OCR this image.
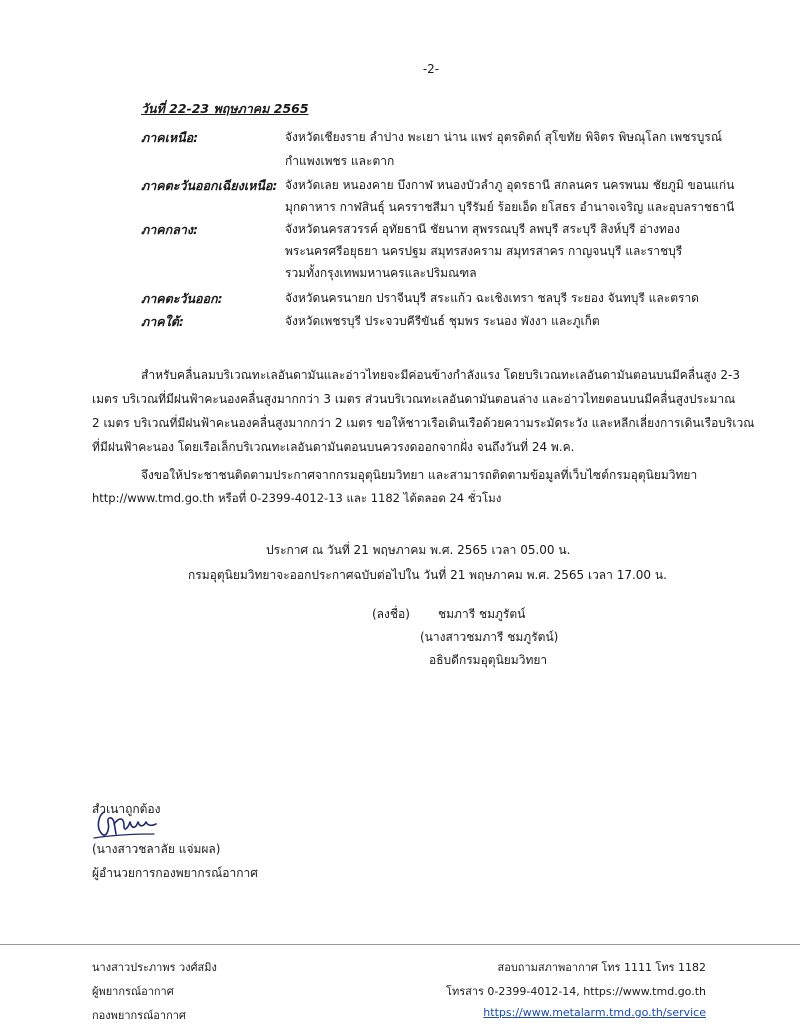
-2-
วันที่ 22-23 พฤษภาคม 2565
ภาคเหนือ:	จังหวัดเชียงราย ลำปาง พะเยา น่าน แพร่ อุตรดิตถ์ สุโขทัย พิจิตร พิษณุโลก เพชรบูรณ์
กำแพงเพชร และตาก
ภาคตะวันออกเฉียงเหนือ: จังหวัดเลย หนองคาย บึงกาฬ หนองบัวลำภู อุดรธานี สกลนคร นครพนม ชัยภูมิ ขอนแก่น
มุกดาหาร กาฬสินธุ์ นครราชสีมา บุรีรัมย์ ร้อยเอ็ด ยโสธร อำนาจเจริญ และอุบลราชธานี
ภาคกลาง:	จังหวัดนครสวรรค์ อุทัยธานี ชัยนาท สุพรรณบุรี ลพบุรี สระบุรี สิงห์บุรี อ่างทอง
พระนครศรีอยุธยา นครปฐม สมุทรสงคราม สมุทรสาคร กาญจนบุรี และราชบุรี
รวมทั้งกรุงเทพมหานครและปริมณฑล
ภาคตะวันออก:	จังหวัดนครนายก ปราจีนบุรี สระแก้ว ฉะเชิงเทรา ชลบุรี ระยอง จันทบุรี และตราด
ภาคใต้:	จังหวัดเพชรบุรี ประจวบคีรีขันธ์ ชุมพร ระนอง พังงา และภูเก็ต
สำหรับคลื่นลมบริเวณทะเลอันดามันและอ่าวไทยจะมีค่อนข้างกำลังแรง โดยบริเวณทะเลอันดามันตอนบนมีคลื่นสูง 2-3
เมตร บริเวณที่มีฝนฟ้าคะนองคลื่นสูงมากกว่า 3 เมตร ส่วนบริเวณทะเลอันดามันตอนล่าง และอ่าวไทยตอนบนมีคลื่นสูงประมาณ
2 เมตร บริเวณที่มีฝนฟ้าคะนองคลื่นสูงมากกว่า 2 เมตร ขอให้ชาวเรือเดินเรือด้วยความระมัดระวัง และหลีกเลี่ยงการเดินเรือบริเวณ
ที่มีฝนฟ้าคะนอง โดยเรือเล็กบริเวณทะเลอันดามันตอนบนควรงดออกจากฝั่ง จนถึงวันที่ 24 พ.ค.
จึงขอให้ประชาชนติดตามประกาศจากกรมอุตุนิยมวิทยา และสามารถติดตามข้อมูลที่เว็บไซต์กรมอุตุนิยมวิทยา
http://www.tmd.go.th หรือที่ 0-2399-4012-13 และ 1182 ได้ตลอด 24 ชั่วโมง
ประกาศ ณ วันที่ 21 พฤษภาคม พ.ศ. 2565 เวลา 05.00 น.
กรมอุตุนิยมวิทยาจะออกประกาศฉบับต่อไปใน วันที่ 21 พฤษภาคม พ.ศ. 2565 เวลา 17.00 น.
(ลงชื่อ) ชมภารี ชมภูรัตน์
(นางสาวชมภารี ชมภูรัตน์)
อธิบดีกรมอุตุนิยมวิทยา
สำเนาถูกต้อง
(นางสาวชลาลัย แจ่มผล)
ผู้อำนวยการกองพยากรณ์อากาศ
นางสาวประภาพร วงศ์สมิง
ผู้พยากรณ์อากาศ
กองพยากรณ์อากาศ
สอบถามสภาพอากาศ โทร 1111 โทร 1182
โทรสาร 0-2399-4012-14, https://www.tmd.go.th
https://www.metalarm.tmd.go.th/service
